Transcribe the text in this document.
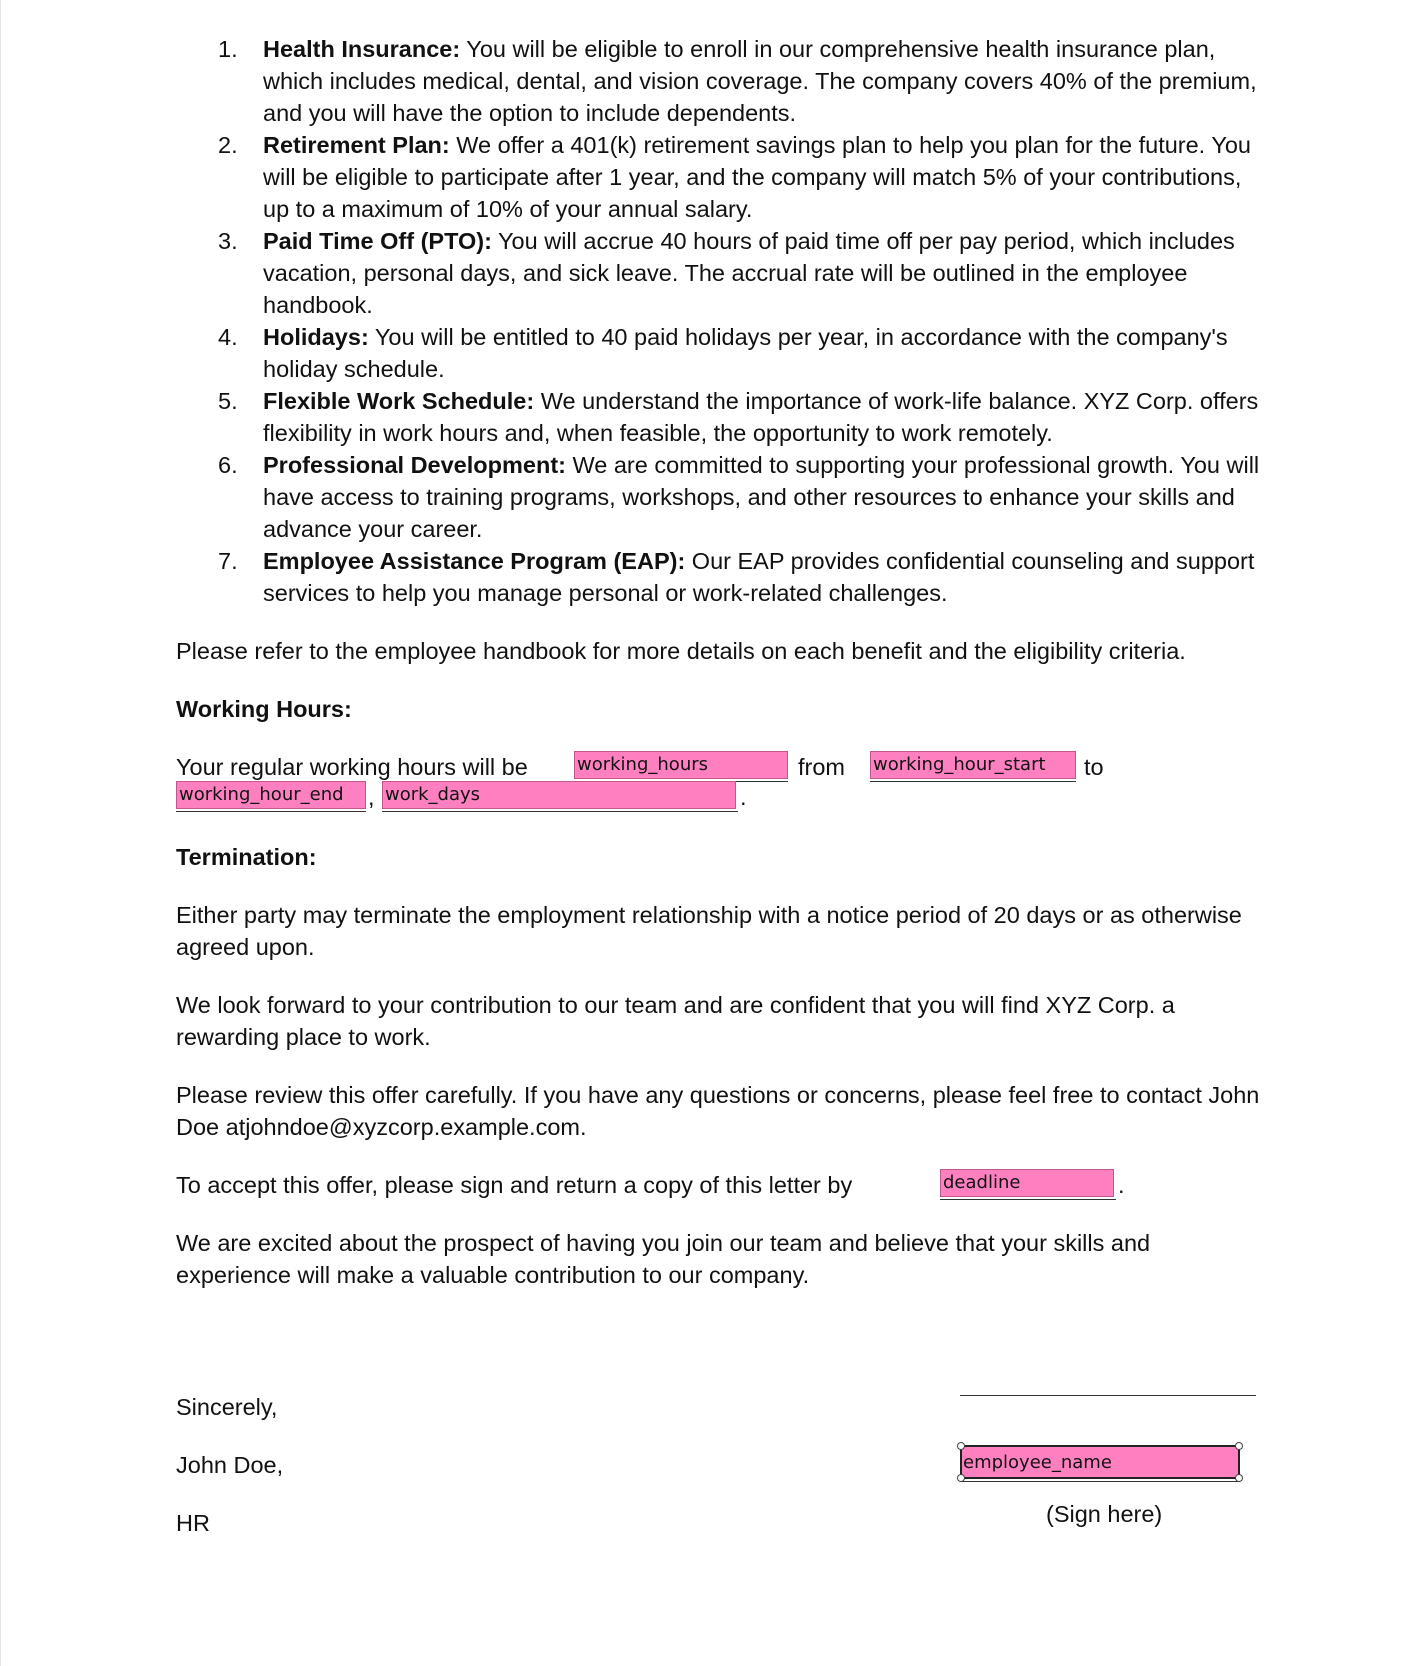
1. Health Insurance: You will be eligible to enroll in our comprehensive health insurance plan, which includes medical, dental, and vision coverage. The company covers 40% of the premium, and you will have the option to include dependents.
2. Retirement Plan: We offer a 401(k) retirement savings plan to help you plan for the future. You will be eligible to participate after 1 year, and the company will match 5% of your contributions, up to a maximum of 10% of your annual salary.
3. Paid Time Off (PTO): You will accrue 40 hours of paid time off per pay period, which includes vacation, personal days, and sick leave. The accrual rate will be outlined in the employee handbook.
4. Holidays: You will be entitled to 40 paid holidays per year, in accordance with the company's holiday schedule.
5. Flexible Work Schedule: We understand the importance of work-life balance. XYZ Corp. offers flexibility in work hours and, when feasible, the opportunity to work remotely.
6. Professional Development: We are committed to supporting your professional growth. You will have access to training programs, workshops, and other resources to enhance your skills and advance your career.
7. Employee Assistance Program (EAP): Our EAP provides confidential counseling and support services to help you manage personal or work-related challenges.

Please refer to the employee handbook for more details on each benefit and the eligibility criteria.

Working Hours:

Your regular working hours will be	working_hours	from working_hour_start	to
working_hour_end	, work_days	.

Termination:

Either party may terminate the employment relationship with a notice period of 20 days or as otherwise agreed upon.

We look forward to your contribution to our team and are confident that you will find XYZ Corp. a rewarding place to work.

Please review this offer carefully. If you have any questions or concerns, please feel free to contact John Doe atjohndoe@xyzcorp.example.com.

To accept this offer, please sign and return a copy of this letter by	deadline	.

We are excited about the prospect of having you join our team and believe that your skills and experience will make a valuable contribution to our company.

Sincerely,
John Doe,
HR
employee_name
(Sign here)
